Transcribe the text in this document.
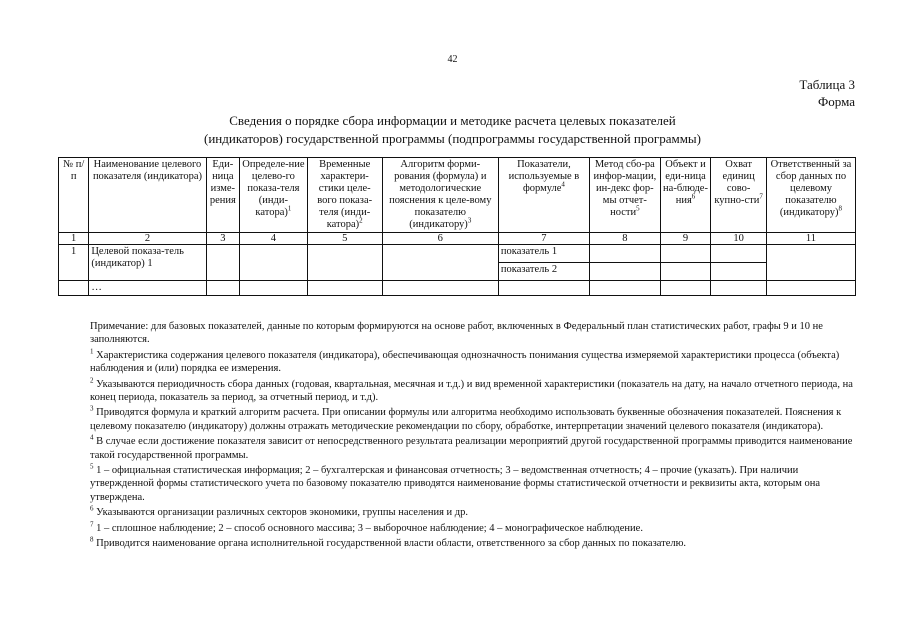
42
Таблица 3
Форма
Сведения о порядке сбора информации и методике расчета целевых показателей
(индикаторов) государственной программы (подпрограммы государственной программы)
№ п/п	Наименование целевого показателя (индикатора)	Еди-ница изме-рения	Определе-ние целево-го показа-теля (инди-катора)$^1$	Временные характери-стики целе-вого показа-теля (инди-катора)$^2$	Алгоритм форми-рования (формула) и методологические пояснения к целе-вому показателю (индикатору)$^3$	Показатели, используемые в формуле$^4$	Метод сбо-ра инфор-мации, ин-декс фор-мы отчет-ности$^5$	Объект и еди-ница на-блюде-ния$^6$	Охват единиц сово-купно-сти$^7$	Ответственный за сбор данных по целевому показателю (индикатору)$^8$
1	2	3	4	5	6	7	8	9	10	11
1	Целевой показа-тель (индикатор) 1					показатель 1				
						показатель 2				
	…									

Примечание: для базовых показателей, данные по которым формируются на основе работ, включенных в Федеральный план статистических работ, графы 9 и 10 не заполняются.

$^1$ Характеристика содержания целевого показателя (индикатора), обеспечивающая однозначность понимания существа измеряемой характеристики процесса (объекта) наблюдения и (или) порядка ее измерения.

$^2$ Указываются периодичность сбора данных (годовая, квартальная, месячная и т.д.) и вид временной характеристики (показатель на дату, на начало отчетного периода, на конец периода, показатель за период, за отчетный период, и т.д).

$^3$ Приводятся формула и краткий алгоритм расчета. При описании формулы или алгоритма необходимо использовать буквенные обозначения показателей. Пояснения к целевому показателю (индикатору) должны отражать методические рекомендации по сбору, обработке, интерпретации значений целевого показателя (индикатора).

$^4$ В случае если достижение показателя зависит от непосредственного результата реализации мероприятий другой государственной программы приводится наименование такой государственной программы.

$^5$ 1 – официальная статистическая информация; 2 – бухгалтерская и финансовая отчетность; 3 – ведомственная отчетность; 4 – прочие (указать). При наличии утвержденной формы статистического учета по базовому показателю приводятся наименование формы статистической отчетности и реквизиты акта, которым она утверждена.

$^6$ Указываются организации различных секторов экономики, группы населения и др.

$^7$ 1 – сплошное наблюдение; 2 – способ основного массива; 3 – выборочное наблюдение; 4 – монографическое наблюдение.

$^8$ Приводится наименование органа исполнительной государственной власти области, ответственного за сбор данных по показателю.
